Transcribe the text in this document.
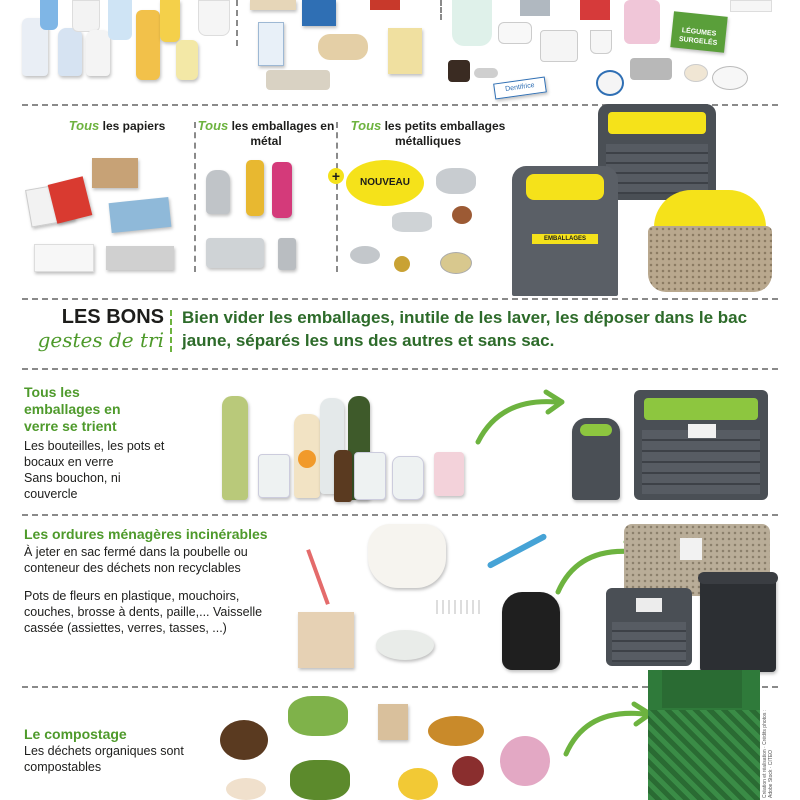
LÉGUMES SURGELÉS
Dentifrice
Tous les papiers	Tous les emballages en métal
Tous les petits emballages métalliques
+	NOUVEAU
EMBALLAGES
LES BONS
gestes de tri
Bien vider les emballages, inutile de les laver, les déposer dans le bac jaune, séparés les uns des autres et sans sac.
Tous les emballages en verre se trient
Les bouteilles, les pots et bocaux en verre
Sans bouchon, ni couvercle
Les ordures ménagères incinérables
À jeter en sac fermé dans la poubelle ou conteneur des déchets non recyclables
Pots de fleurs en plastique, mouchoirs, couches, brosse à dents, paille,... Vaisselle cassée (assiettes, verres, tasses, ...)
Le compostage
Les déchets organiques sont compostables	Création et réalisation · Crédits photos : Adobe Stock · CITEO
